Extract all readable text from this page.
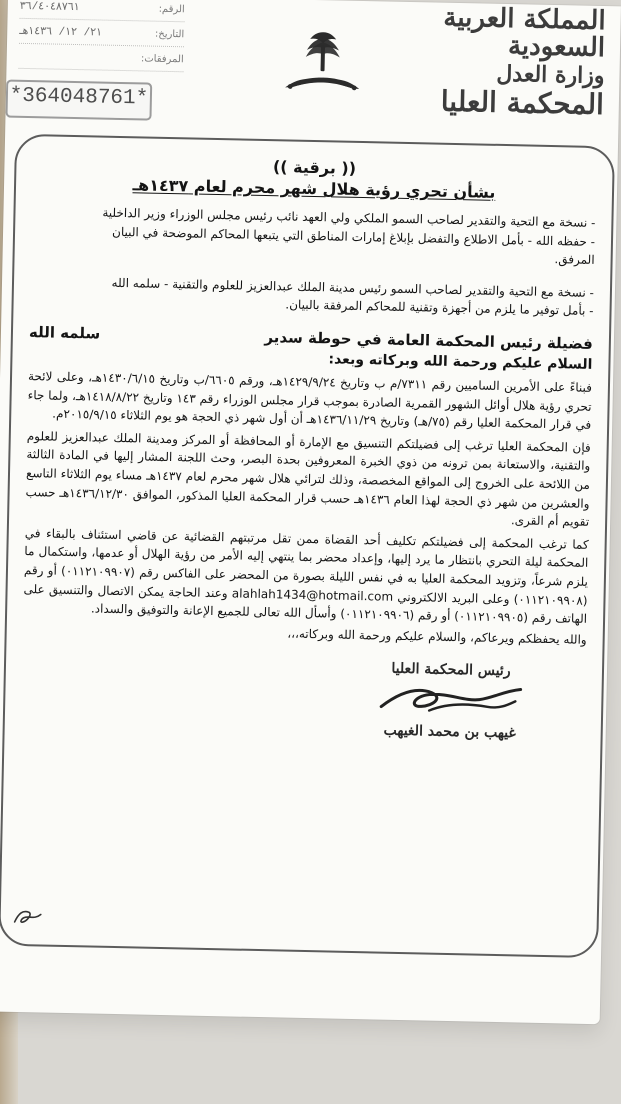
الرقم:
٣٦/٤٠٤٨٧٦١
التاريخ:
٢١/ ١٢/ ١٤٣٦هـ
المرفقات:
*364048761*
المملكة العربية السعودية
وزارة العدل
المحكمة العليا
(( برقية ))
بشأن تحري رؤية هلال شهر محرم لعام ١٤٣٧هـ

- نسخة مع التحية والتقدير لصاحب السمو الملكي ولي العهد نائب رئيس مجلس الوزراء وزير الداخلية

- حفظه الله - بأمل الاطلاع والتفضل بإبلاغ إمارات المناطق التي يتبعها المحاكم الموضحة في البيان

المرفق.

- نسخة مع التحية والتقدير لصاحب السمو رئيس مدينة الملك عبدالعزيز للعلوم والتقنية - سلمه الله

- بأمل توفير ما يلزم من أجهزة وتقنية للمحاكم المرفقة بالبيان.

فضيلة رئيس المحكمة العامة في حوطة سدير
سلمه الله
السلام عليكم ورحمة الله وبركاته وبعد:

فبناءً على الأمرين الساميين رقم ٧٣١١/م ب وتاريخ ١٤٢٩/٩/٢٤هـ، ورقم ٦٦٠٥/ب وتاريخ ١٤٣٠/٦/١٥هـ، وعلى لائحة تحري رؤية هلال أوائل الشهور القمرية الصادرة بموجب قرار مجلس الوزراء رقم ١٤٣ وتاريخ ١٤١٨/٨/٢٢هـ، ولما جاء في قرار المحكمة العليا رقم (٧٥/هـ) وتاريخ ١٤٣٦/١١/٢٩هـ أن أول شهر ذي الحجة هو يوم الثلاثاء ٢٠١٥/٩/١٥م.

فإن المحكمة العليا ترغب إلى فضيلتكم التنسيق مع الإمارة أو المحافظة أو المركز ومدينة الملك عبدالعزيز للعلوم والتقنية، والاستعانة بمن ترونه من ذوي الخبرة المعروفين بحدة البصر، وحث اللجنة المشار إليها في المادة الثالثة من اللائحة على الخروج إلى المواقع المخصصة، وذلك لترائي هلال شهر محرم لعام ١٤٣٧هـ مساء يوم الثلاثاء التاسع والعشرين من شهر ذي الحجة لهذا العام ١٤٣٦هـ حسب قرار المحكمة العليا المذكور، الموافق ١٤٣٦/١٢/٣٠هـ حسب تقويم أم القرى.

كما ترغب المحكمة إلى فضيلتكم تكليف أحد القضاة ممن تقل مرتبتهم القضائية عن قاضي استئناف بالبقاء في المحكمة ليلة التحري بانتظار ما يرد إليها، وإعداد محضر بما ينتهي إليه الأمر من رؤية الهلال أو عدمها، واستكمال ما يلزم شرعاً، وتزويد المحكمة العليا به في نفس الليلة بصورة من المحضر على الفاكس رقم (٠١١٢١٠٩٩٠٧) أو رقم (٠١١٢١٠٩٩٠٨) وعلى البريد الالكتروني alahlah1434@hotmail.com وعند الحاجة يمكن الاتصال والتنسيق على الهاتف رقم (٠١١٢١٠٩٩٠٥) أو رقم (٠١١٢١٠٩٩٠٦) وأسأل الله تعالى للجميع الإعانة والتوفيق والسداد.

والله يحفظكم ويرعاكم، والسلام عليكم ورحمة الله وبركاته،،،

رئيس المحكمة العليا
غيهب بن محمد الغيهب
